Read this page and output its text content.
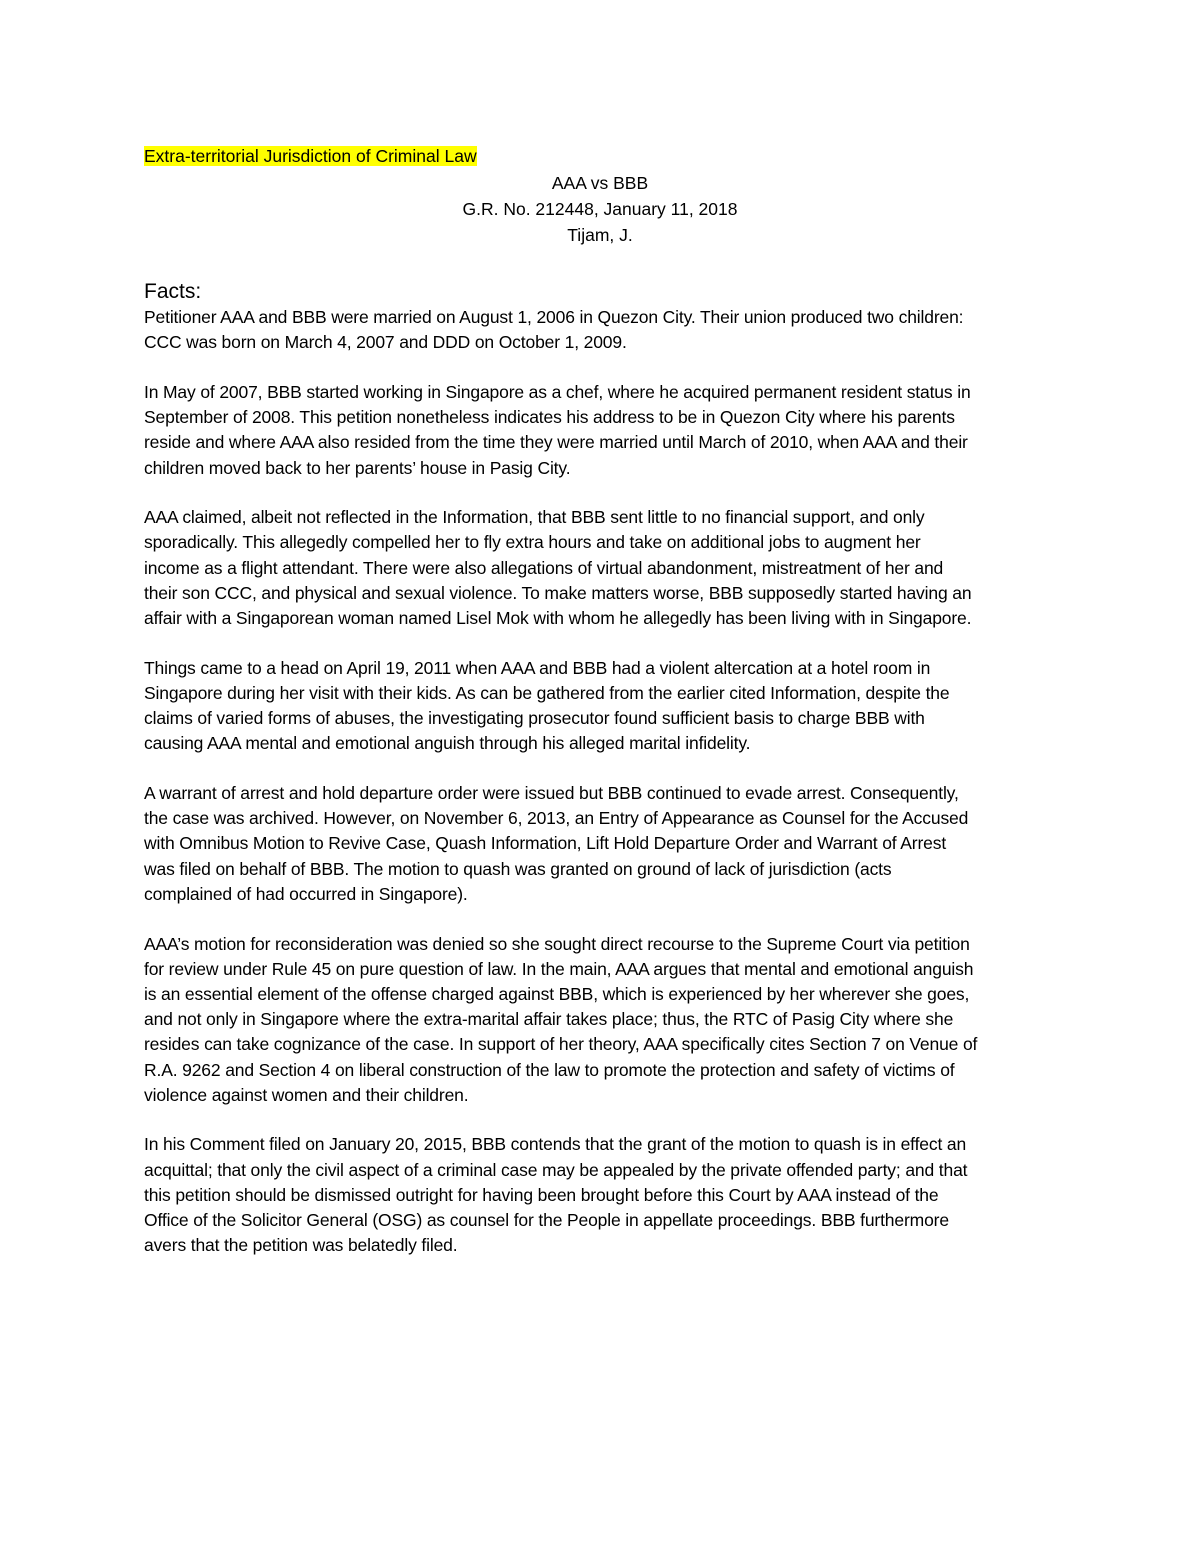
Extra-territorial Jurisdiction of Criminal Law
AAA vs BBB
G.R. No. 212448, January 11, 2018
Tijam, J.
Facts:

Petitioner AAA and BBB were married on August 1, 2006 in Quezon City. Their union produced two children:
CCC was born on March 4, 2007 and DDD on October 1, 2009.

In May of 2007, BBB started working in Singapore as a chef, where he acquired permanent resident status in
September of 2008. This petition nonetheless indicates his address to be in Quezon City where his parents
reside and where AAA also resided from the time they were married until March of 2010, when AAA and their
children moved back to her parents’ house in Pasig City.

AAA claimed, albeit not reflected in the Information, that BBB sent little to no financial support, and only
sporadically. This allegedly compelled her to fly extra hours and take on additional jobs to augment her
income as a flight attendant. There were also allegations of virtual abandonment, mistreatment of her and
their son CCC, and physical and sexual violence. To make matters worse, BBB supposedly started having an
affair with a Singaporean woman named Lisel Mok with whom he allegedly has been living with in Singapore.

Things came to a head on April 19, 2011 when AAA and BBB had a violent altercation at a hotel room in
Singapore during her visit with their kids. As can be gathered from the earlier cited Information, despite the
claims of varied forms of abuses, the investigating prosecutor found sufficient basis to charge BBB with
causing AAA mental and emotional anguish through his alleged marital infidelity.

A warrant of arrest and hold departure order were issued but BBB continued to evade arrest. Consequently,
the case was archived. However, on November 6, 2013, an Entry of Appearance as Counsel for the Accused
with Omnibus Motion to Revive Case, Quash Information, Lift Hold Departure Order and Warrant of Arrest
was filed on behalf of BBB. The motion to quash was granted on ground of lack of jurisdiction (acts
complained of had occurred in Singapore).

AAA’s motion for reconsideration was denied so she sought direct recourse to the Supreme Court via petition
for review under Rule 45 on pure question of law. In the main, AAA argues that mental and emotional anguish
is an essential element of the offense charged against BBB, which is experienced by her wherever she goes,
and not only in Singapore where the extra-marital affair takes place; thus, the RTC of Pasig City where she
resides can take cognizance of the case. In support of her theory, AAA specifically cites Section 7 on Venue of
R.A. 9262 and Section 4 on liberal construction of the law to promote the protection and safety of victims of
violence against women and their children.

In his Comment filed on January 20, 2015, BBB contends that the grant of the motion to quash is in effect an
acquittal; that only the civil aspect of a criminal case may be appealed by the private offended party; and that
this petition should be dismissed outright for having been brought before this Court by AAA instead of the
Office of the Solicitor General (OSG) as counsel for the People in appellate proceedings. BBB furthermore
avers that the petition was belatedly filed.
